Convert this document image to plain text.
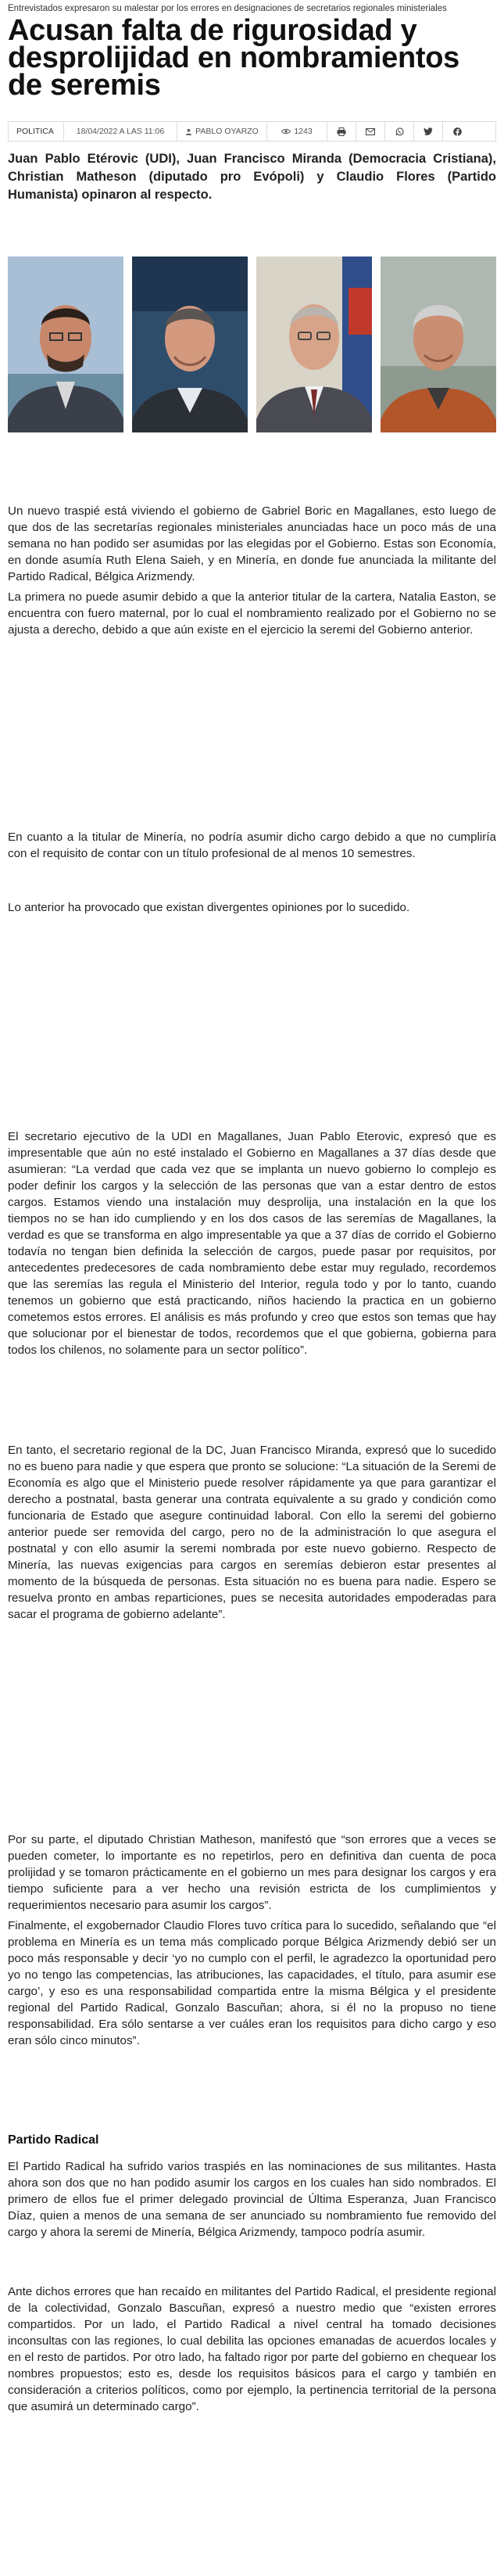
Entrevistados expresaron su malestar por los errores en designaciones de secretarios regionales ministeriales
Acusan falta de rigurosidad y desprolijidad en nombramientos de seremis
POLITICA	18/04/2022 A LAS 11:06	PABLO OYARZO	1243

Juan Pablo Etérovic (UDI), Juan Francisco Miranda (Democracia Cristiana), Christian Matheson (diputado pro Evópoli) y Claudio Flores (Partido Humanista) opinaron al respecto.

Un nuevo traspié está viviendo el gobierno de Gabriel Boric en Magallanes, esto luego de que dos de las secretarías regionales ministeriales anunciadas hace un poco más de una semana no han podido ser asumidas por las elegidas por el Gobierno. Estas son Economía, en donde asumía Ruth Elena Saieh, y en Minería, en donde fue anunciada la militante del Partido Radical, Bélgica Arizmendy.

La primera no puede asumir debido a que la anterior titular de la cartera, Natalia Easton, se encuentra con fuero maternal, por lo cual el nombramiento realizado por el Gobierno no se ajusta a derecho, debido a que aún existe en el ejercicio la seremi del Gobierno anterior.

En cuanto a la titular de Minería, no podría asumir dicho cargo debido a que no cumpliría con el requisito de contar con un título profesional de al menos 10 semestres.

Lo anterior ha provocado que existan divergentes opiniones por lo sucedido.

El secretario ejecutivo de la UDI en Magallanes, Juan Pablo Eterovic, expresó que es impresentable que aún no esté instalado el Gobierno en Magallanes a 37 días desde que asumieran: “La verdad que cada vez que se implanta un nuevo gobierno lo complejo es poder definir los cargos y la selección de las personas que van a estar dentro de estos cargos. Estamos viendo una instalación muy desprolija, una instalación en la que los tiempos no se han ido cumpliendo y en los dos casos de las seremías de Magallanes, la verdad es que se transforma en algo impresentable ya que a 37 días de corrido el Gobierno todavía no tengan bien definida la selección de cargos, puede pasar por requisitos, por antecedentes predecesores de cada nombramiento debe estar muy regulado, recordemos que las seremías las regula el Ministerio del Interior, regula todo y por lo tanto, cuando tenemos un gobierno que está practicando, niños haciendo la practica en un gobierno cometemos estos errores. El análisis es más profundo y creo que estos son temas que hay que solucionar por el bienestar de todos, recordemos que el que gobierna, gobierna para todos los chilenos, no solamente para un sector político”.

En tanto, el secretario regional de la DC, Juan Francisco Miranda, expresó que lo sucedido no es bueno para nadie y que espera que pronto se solucione: “La situación de la Seremi de Economía es algo que el Ministerio puede resolver rápidamente ya que para garantizar el derecho a postnatal, basta generar una contrata equivalente a su grado y condición como funcionaria de Estado que asegure continuidad laboral. Con ello la seremi del gobierno anterior puede ser removida del cargo, pero no de la administración lo que asegura el postnatal y con ello asumir la seremi nombrada por este nuevo gobierno. Respecto de Minería, las nuevas exigencias para cargos en seremías debieron estar presentes al momento de la búsqueda de personas. Esta situación no es buena para nadie. Espero se resuelva pronto en ambas reparticiones, pues se necesita autoridades empoderadas para sacar el programa de gobierno adelante”.

Por su parte, el diputado Christian Matheson, manifestó que “son errores que a veces se pueden cometer, lo importante es no repetirlos, pero en definitiva dan cuenta de poca prolijidad y se tomaron prácticamente en el gobierno un mes para designar los cargos y era tiempo suficiente para a ver hecho una revisión estricta de los cumplimientos y requerimientos necesario para asumir los cargos”.

Finalmente, el exgobernador Claudio Flores tuvo crítica para lo sucedido, señalando que “el problema en Minería es un tema más complicado porque Bélgica Arizmendy debió ser un poco más responsable y decir ‘yo no cumplo con el perfil, le agradezco la oportunidad pero yo no tengo las competencias, las atribuciones, las capacidades, el título, para asumir ese cargo’, y eso es una responsabilidad compartida entre la misma Bélgica y el presidente regional del Partido Radical, Gonzalo Bascuñan; ahora, si él no la propuso no tiene responsabilidad. Era sólo sentarse a ver cuáles eran los requisitos para dicho cargo y eso eran sólo cinco minutos”.

Partido Radical

El Partido Radical ha sufrido varios traspiés en las nominaciones de sus militantes. Hasta ahora son dos que no han podido asumir los cargos en los cuales han sido nombrados. El primero de ellos fue el primer delegado provincial de Última Esperanza, Juan Francisco Díaz, quien a menos de una semana de ser anunciado su nombramiento fue removido del cargo y ahora la seremi de Minería, Bélgica Arizmendy, tampoco podría asumir.

Ante dichos errores que han recaído en militantes del Partido Radical, el presidente regional de la colectividad, Gonzalo Bascuñan, expresó a nuestro medio que “existen errores compartidos. Por un lado, el Partido Radical a nivel central ha tomado decisiones inconsultas con las regiones, lo cual debilita las opciones emanadas de acuerdos locales y en el resto de partidos. Por otro lado, ha faltado rigor por parte del gobierno en chequear los nombres propuestos; esto es, desde los requisitos básicos para el cargo y también en consideración a criterios políticos, como por ejemplo, la pertinencia territorial de la persona que asumirá un determinado cargo”.
